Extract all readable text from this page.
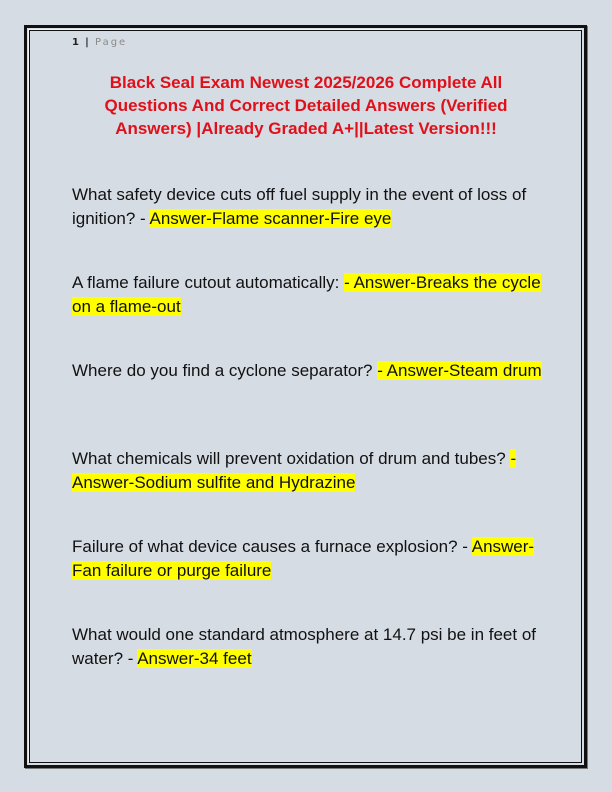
1 | Page
Black Seal Exam Newest 2025/2026 Complete All Questions And Correct Detailed Answers (Verified Answers) |Already Graded A+||Latest Version!!!
What safety device cuts off fuel supply in the event of loss of ignition? - Answer-Flame scanner-Fire eye
A flame failure cutout automatically: - Answer-Breaks the cycle on a flame-out
Where do you find a cyclone separator? - Answer-Steam drum
What chemicals will prevent oxidation of drum and tubes? - Answer-Sodium sulfite and Hydrazine
Failure of what device causes a furnace explosion? - Answer-Fan failure or purge failure
What would one standard atmosphere at 14.7 psi be in feet of water? - Answer-34 feet
